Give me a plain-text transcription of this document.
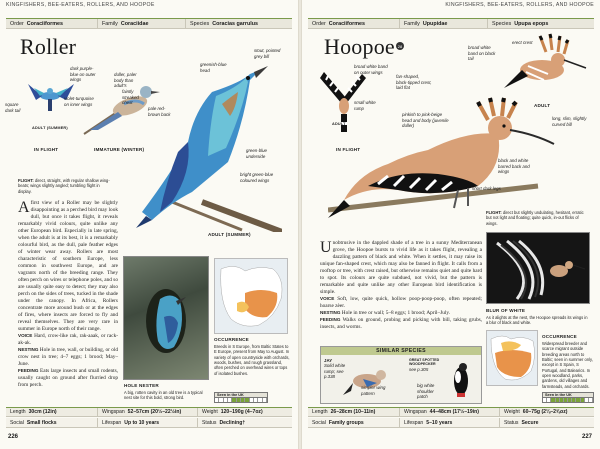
KINGFISHERS, BEE-EATERS, ROLLERS, AND HOOPOE
Order Coraciiformes	Family Coraciidae	Species Coracias garrulus
Roller
dark purple-blue on outer wings
square dark tail
violet-turquoise on inner wings
ADULT (SUMMER)
IN FLIGHT
duller, paler body than adult's
faintly streaked chest
pale red-brown back
IMMATURE (WINTER)
greenish-blue head
stout, pointed grey bill
green-blue underside
bright green-blue coloured wings
ADULT (SUMMER)
FLIGHT: direct, straight, with regular shallow wing-beats; wings slightly angled; tumbling flight in display.
Afirst view of a Roller may be slightly disappointing as a perched bird may look dull, but once it takes flight, it reveals remarkably vivid colours, quite unlike any other European bird. Especially in late spring, when the adult is at its best, it is a remarkably colourful bird, as the dull, pale feather edges of winter wear away. Rollers are most characteristic of southern Europe, less common in southwest Europe, and are vagrants north of the breeding range. They often perch on wires or telephone poles, and so are usually quite easy to detect; they may also perch on the sides of trees, tucked in the shade under the canopy. In Africa, Rollers concentrate more around bush or at the edges of fires, where insects are forced to fly and reveal themselves. They are very rare in summer in Europe north of their range.
VOICE Hard, crow-like rak, rak-aaak, or rack-ak-ak.
NESTING Hole in tree, wall, or building, or old crow nest in tree; 4–7 eggs; 1 brood; May–June.
FEEDING Eats large insects and small rodents, usually caught on ground after flurried drop from perch.	HOLE NESTER
A big, rotten cavity in an old tree is a typical nest site for this bold, strong bird.
OCCURRENCE
Breeds in S Europe, from Baltic States to E Europe, present from May to August. In variety of open countryside with orchards, woods, bushes, and rough grassland, often perched on overhead wires or tops of isolated bushes.
Seen in the UK
Length 30cm (12in)	Wingspan 52–57cm (20½–22½in)	Weight 120–190g (4–7oz)
Social Small flocks	Lifespan Up to 10 years	Status Declining†
226
KINGFISHERS, BEE-EATERS, ROLLERS, AND HOOPOE
Order Coraciiformes	Family Upupidae	Species Upupa epops
Hoopoe 28
broad white band on outer wings
small white rump
ADULT
IN FLIGHT
fan-shaped, black-tipped crest, laid flat
pinkish to pink-beige head and body (juvenile duller)
broad white band on black tail
erect crest
ADULT
long, slim, slightly curved bill
black and white barred back and wings
short dark legs
FLIGHT: direct but slightly undulating, hesitant, erratic but not light and floating; quite quick, in-out flicks of wings.
Unobtrusive in the dappled shade of a tree in a sunny Mediterranean grove, the Hoopoe bursts to vivid life as it takes flight, revealing a dazzling pattern of black and white. When it settles, it may raise its unique fan-shaped crest, which may also be fanned in flight. It calls from a rooftop or tree, with crest raised, but otherwise remains quiet and quite hard to spot. Its colours are quite subdued, not vivid, but the pattern is remarkable and quite unlike any other European bird identification is simple.
VOICE Soft, low, quite quick, hollow poop-poop-poop, often repeated; hoarse zèer.
NESTING Hole in tree or wall; 5–8 eggs; 1 brood; April–July.
FEEDING Walks on ground, probing and picking with bill, taking grubs, insects, and worms.
SIMILAR SPECIES
JAY
Solid white rump; see p.338
simpler wing pattern
GREAT SPOTTED WOODPECKER
see p.305
big white shoulder patch
BLUR OF WHITE
As it alights at the nest, the Hoopoe spreads its wings in a blur of black and white.
OCCURRENCE
Widespread breeder and scarce migrant outside breeding areas north to Baltic; seen in summer only, except in S Spain, S Portugal, and Balearics. In open woodland, parks, gardens, old villages and farmsteads, and orchards.
Seen in the UK
Length 26–28cm (10–11in)	Wingspan 44–48cm (17½–19in)	Weight 60–75g (2⅛–2⅝oz)
Social Family groups	Lifespan 5–10 years	Status Secure
227
